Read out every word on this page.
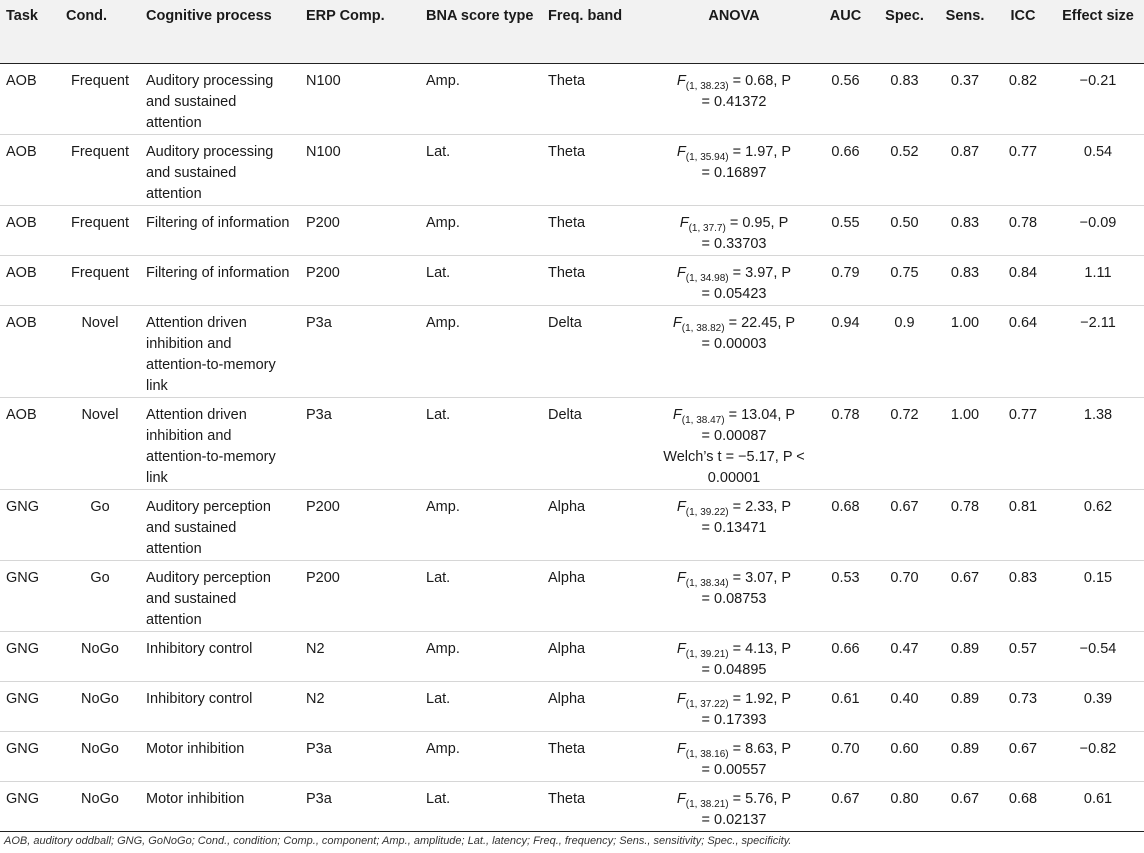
Task	Cond.	Cognitive process	ERP Comp.	BNA score type	Freq. band	ANOVA	AUC	Spec.	Sens.	ICC	Effect size
AOB	Frequent	Auditory processing and sustained attention	N100	Amp.	Theta	$F_{(1, 38.23)} = 0.68$, P
= 0.41372	0.56	0.83	0.37	0.82	−0.21
AOB	Frequent	Auditory processing and sustained attention	N100	Lat.	Theta	$F_{(1, 35.94)} = 1.97$, P
= 0.16897	0.66	0.52	0.87	0.77	0.54
AOB	Frequent	Filtering of information	P200	Amp.	Theta	$F_{(1, 37.7)} = 0.95$, P
= 0.33703	0.55	0.50	0.83	0.78	−0.09
AOB	Frequent	Filtering of information	P200	Lat.	Theta	$F_{(1, 34.98)} = 3.97$, P
= 0.05423	0.79	0.75	0.83	0.84	1.11
AOB	Novel	Attention driven inhibition and attention-to-memory link	P3a	Amp.	Delta	$F_{(1, 38.82)} = 22.45$, P
= 0.00003	0.94	0.9	1.00	0.64	−2.11
AOB	Novel	Attention driven inhibition and attention-to-memory link	P3a	Lat.	Delta	$F_{(1, 38.47)} = 13.04$, P
= 0.00087
Welch’s t = −5.17, P < 0.00001	0.78	0.72	1.00	0.77	1.38
GNG	Go	Auditory perception and sustained attention	P200	Amp.	Alpha	$F_{(1, 39.22)} = 2.33$, P
= 0.13471	0.68	0.67	0.78	0.81	0.62
GNG	Go	Auditory perception and sustained attention	P200	Lat.	Alpha	$F_{(1, 38.34)} = 3.07$, P
= 0.08753	0.53	0.70	0.67	0.83	0.15
GNG	NoGo	Inhibitory control	N2	Amp.	Alpha	$F_{(1, 39.21)} = 4.13$, P
= 0.04895	0.66	0.47	0.89	0.57	−0.54
GNG	NoGo	Inhibitory control	N2	Lat.	Alpha	$F_{(1, 37.22)} = 1.92$, P
= 0.17393	0.61	0.40	0.89	0.73	0.39
GNG	NoGo	Motor inhibition	P3a	Amp.	Theta	$F_{(1, 38.16)} = 8.63$, P
= 0.00557	0.70	0.60	0.89	0.67	−0.82
GNG	NoGo	Motor inhibition	P3a	Lat.	Theta	$F_{(1, 38.21)} = 5.76$, P
= 0.02137	0.67	0.80	0.67	0.68	0.61
AOB, auditory oddball; GNG, GoNoGo; Cond., condition; Comp., component; Amp., amplitude; Lat., latency; Freq., frequency; Sens., sensitivity; Spec., specificity.
